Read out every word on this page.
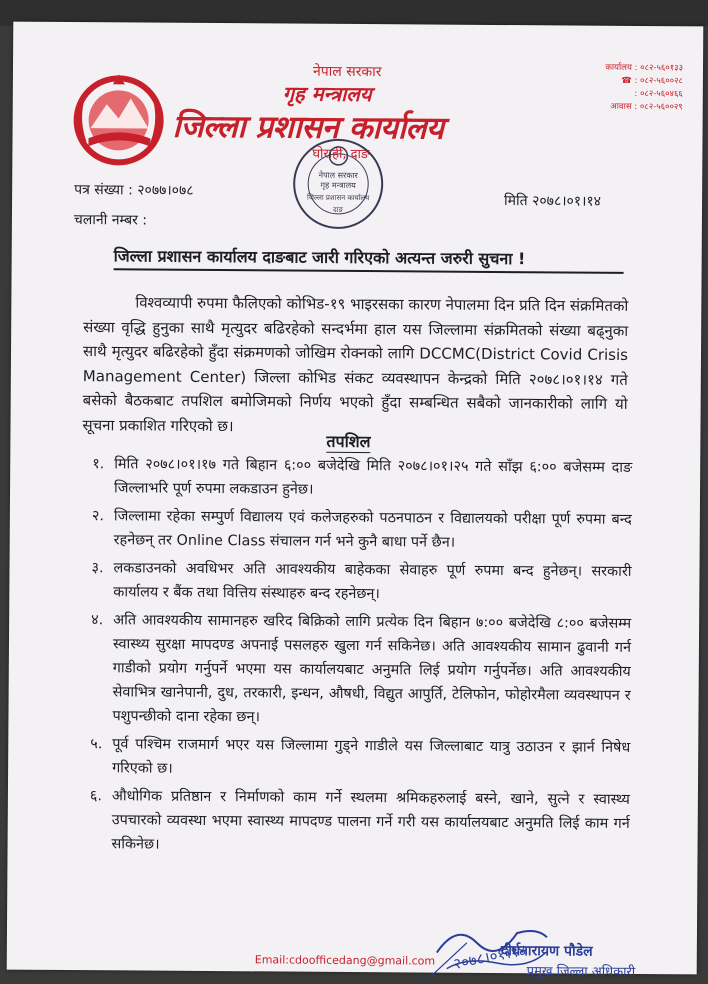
नेपाल सरकार
गृह मन्त्रालय
जिल्ला प्रशासन कार्यालय
घोराही, दाङ
कार्यालय : ०८२-५६०१३३
☎ : ०८२-५६००२८
: ०८२-५६०४६६
आवास : ०८२-५६००२९
नेपाल सरकार
गृह मन्त्रालय
जिल्ला प्रशासन कार्यालय
दाङ
पत्र संख्या : २०७७।०७८
चलानी नम्बर :
मिति २०७८।०१।१४
जिल्ला प्रशासन कार्यालय दाङबाट जारी गरिएको अत्यन्त जरुरी सुचना !

विश्वव्यापी रुपमा फैलिएको कोभिड-१९ भाइरसका कारण नेपालमा दिन प्रति दिन संक्रमितको संख्या वृद्धि हुनुका साथै मृत्युदर बढिरहेको सन्दर्भमा हाल यस जिल्लामा संक्रमितको संख्या बढ्नुका साथै मृत्युदर बढिरहेको हुँदा संक्रमणको जोखिम रोक्नको लागि DCCMC(District Covid Crisis Management Center) जिल्ला कोभिड संकट व्यवस्थापन केन्द्रको मिति २०७८।०१।१४ गते बसेको बैठकबाट तपशिल बमोजिमको निर्णय भएको हुँदा सम्बन्धित सबैको जानकारीको लागि यो सूचना प्रकाशित गरिएको छ।

तपशिल
१. मिति २०७८।०१।१७ गते बिहान ६:०० बजेदेखि मिति २०७८।०१।२५ गते साँझ ६:०० बजेसम्म दाङ जिल्लाभरि पूर्ण रुपमा लकडाउन हुनेछ।
२. जिल्लामा रहेका सम्पुर्ण विद्यालय एवं कलेजहरुको पठनपाठन र विद्यालयको परीक्षा पूर्ण रुपमा बन्द रहनेछन् तर Online Class संचालन गर्न भने कुनै बाधा पर्ने छैन।
३. लकडाउनको अवधिभर अति आवश्यकीय बाहेकका सेवाहरु पूर्ण रुपमा बन्द हुनेछन्। सरकारी कार्यालय र बैंक तथा वित्तिय संस्थाहरु बन्द रहनेछन्।
४. अति आवश्यकीय सामानहरु खरिद बिक्रिको लागि प्रत्येक दिन बिहान ७:०० बजेदेखि ८:०० बजेसम्म स्वास्थ्य सुरक्षा मापदण्ड अपनाई पसलहरु खुला गर्न सकिनेछ। अति आवश्यकीय सामान ढुवानी गर्न गाडीको प्रयोग गर्नुपर्ने भएमा यस कार्यालयबाट अनुमति लिई प्रयोग गर्नुपर्नेछ। अति आवश्यकीय सेवाभित्र खानेपानी, दुध, तरकारी, इन्धन, औषधी, विद्युत आपुर्ति, टेलिफोन, फोहोरमैला व्यवस्थापन र पशुपन्छीको दाना रहेका छन्।
५. पूर्व पश्चिम राजमार्ग भएर यस जिल्लामा गुड्ने गाडीले यस जिल्लाबाट यात्रु उठाउन र झार्न निषेध गरिएको छ।
६. औधोगिक प्रतिष्ठान र निर्माणको काम गर्ने स्थलमा श्रमिकहरुलाई बस्ने, खाने, सुत्ने र स्वास्थ्य उपचारको व्यवस्था भएमा स्वास्थ्य मापदण्ड पालना गर्ने गरी यस कार्यालयबाट अनुमति लिई काम गर्न सकिनेछ।
Email:cdoofficedang@gmail.com २०७८।०१।१४
दीर्घनारायण पौडेल
प्रमुख जिल्ला अधिकारी
